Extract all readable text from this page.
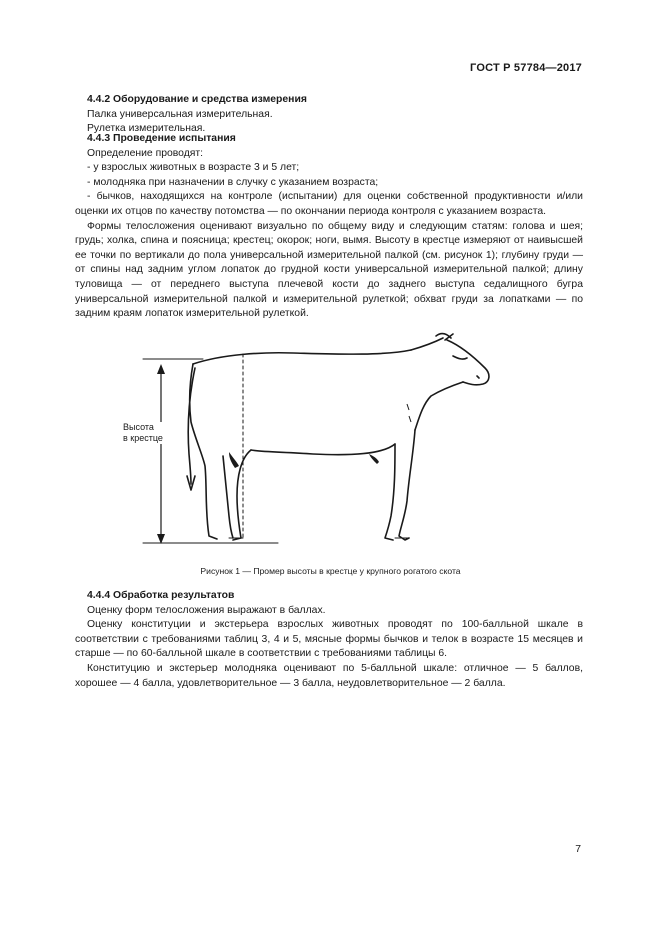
ГОСТ Р 57784—2017

4.4.2 Оборудование и средства измерения

Палка универсальная измерительная.

Рулетка измерительная.

4.4.3 Проведение испытания

Определение проводят:

- у взрослых животных в возрасте 3 и 5 лет;

- молодняка при назначении в случку с указанием возраста;

- бычков, находящихся на контроле (испытании) для оценки собственной продуктивности и/или оценки их отцов по качеству потомства — по окончании периода контроля с указанием возраста.

Формы телосложения оценивают визуально по общему виду и следующим статям: голова и шея; грудь; холка, спина и поясница; крестец; окорок; ноги, вымя. Высоту в крестце измеряют от наивысшей ее точки по вертикали до пола универсальной измерительной палкой (см. рисунок 1); глубину груди — от спины над задним углом лопаток до грудной кости универсальной измерительной палкой; длину туловища — от переднего выступа плечевой кости до заднего выступа седалищного бугра универсальной измерительной палкой и измерительной рулеткой; обхват груди за лопатками — по задним краям лопаток измерительной рулеткой.

Высота
в крестце
Рисунок 1 — Промер высоты в крестце у крупного рогатого скота

4.4.4 Обработка результатов

Оценку форм телосложения выражают в баллах.

Оценку конституции и экстерьера взрослых животных проводят по 100-балльной шкале в соответствии с требованиями таблиц 3, 4 и 5, мясные формы бычков и телок в возрасте 15 месяцев и старше — по 60-балльной шкале в соответствии с требованиями таблицы 6.

Конституцию и экстерьер молодняка оценивают по 5-балльной шкале: отличное — 5 баллов, хорошее — 4 балла, удовлетворительное — 3 балла, неудовлетворительное — 2 балла.

7
